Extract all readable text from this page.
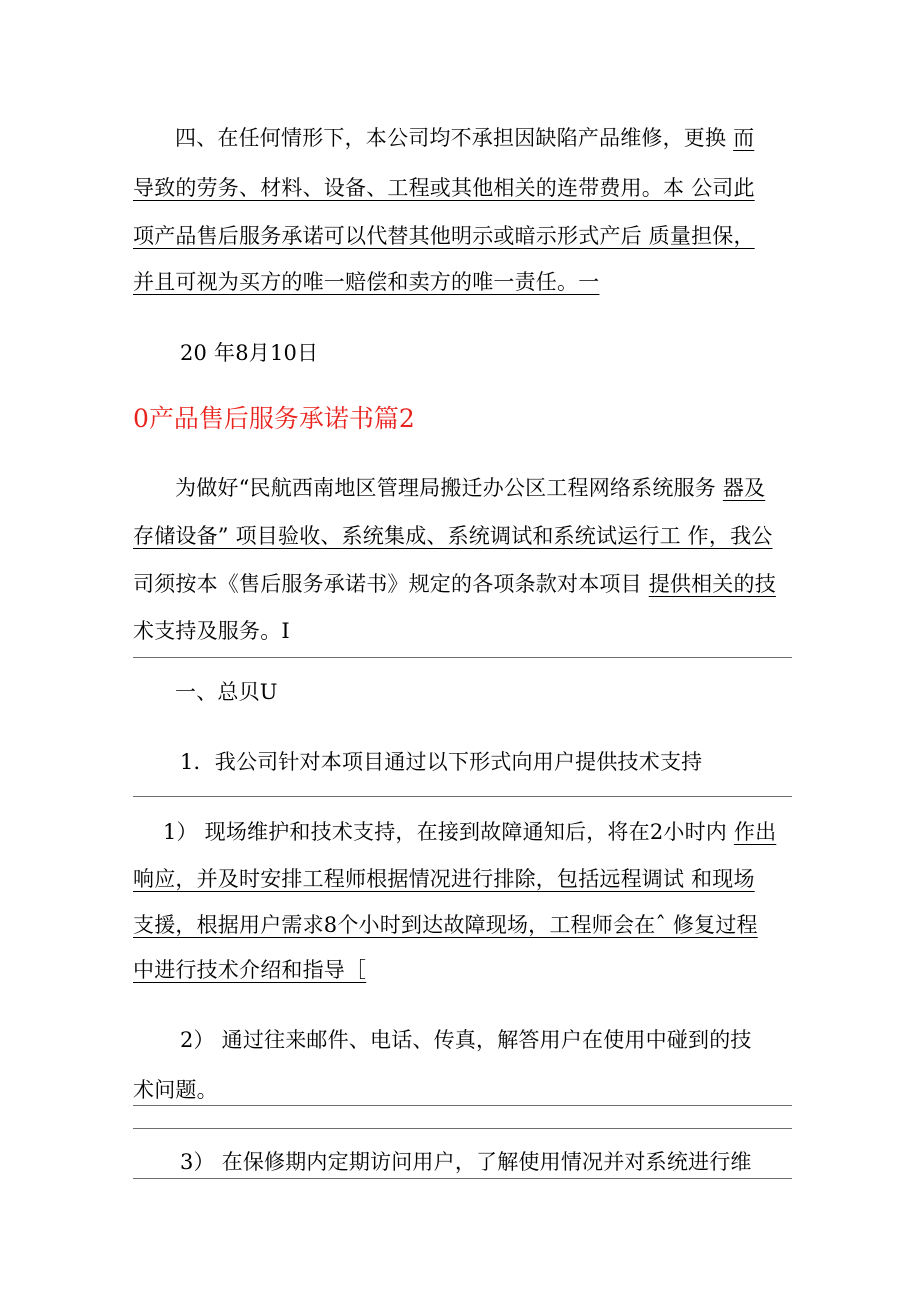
四、在任何情形下，本公司均不承担因缺陷产品维修，更换 而
导致的劳务、材料、设备、工程或其他相关的连带费用。本 公司此
项产品售后服务承诺可以代替其他明示或暗示形式产后 质量担保，
并且可视为买方的唯一赔偿和卖方的唯一责任。一
20 年8月10日
0产品售后服务承诺书篇2
为做好“民航西南地区管理局搬迁办公区工程网络系统服务 器及
存储设备” 项目验收、系统集成、系统调试和系统试运行工 作，我公
司须按本《售后服务承诺书》规定的各项条款对本项目 提供相关的技
术支持及服务。I
一、总贝U
1．我公司针对本项目通过以下形式向用户提供技术支持
1） 现场维护和技术支持，在接到故障通知后，将在2小时内 作出
响应，并及时安排工程师根据情况进行排除，包括远程调试 和现场
支援，根据用户需求8个小时到达故障现场，工程师会在ˆ 修复过程
中进行技术介绍和指导［
2） 通过往来邮件、电话、传真，解答用户在使用中碰到的技
术问题。
3） 在保修期内定期访问用户，了解使用情况并对系统进行维
